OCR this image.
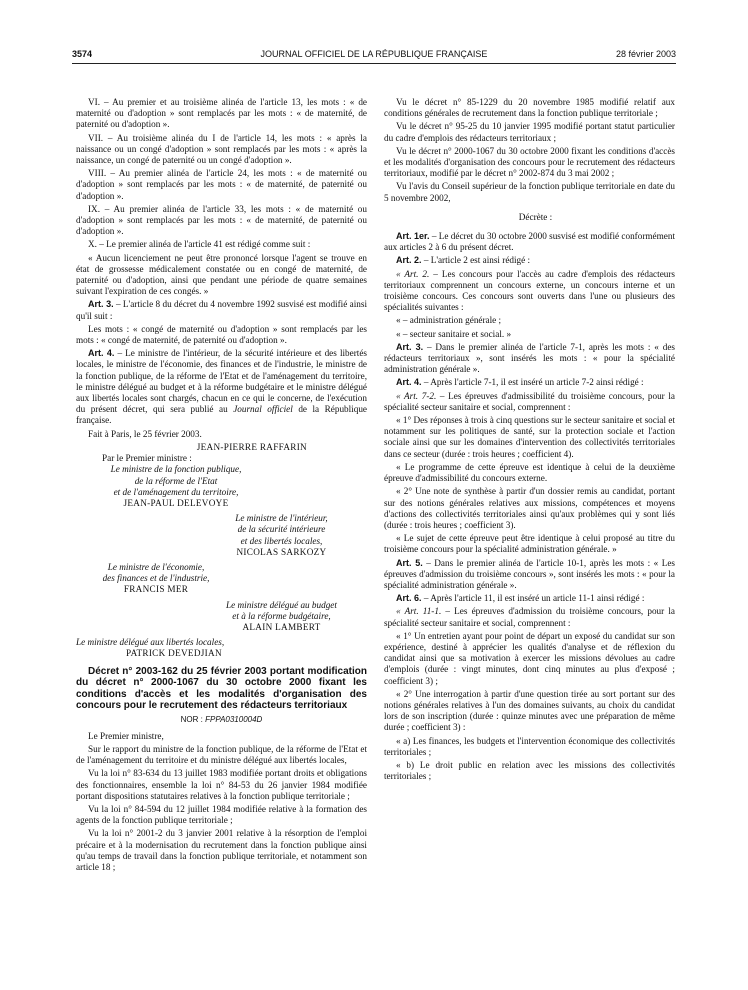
3574	JOURNAL OFFICIEL DE LA RÉPUBLIQUE FRANÇAISE	28 février 2003

VI. – Au premier et au troisième alinéa de l'article 13, les mots : « de maternité ou d'adoption » sont remplacés par les mots : « de maternité, de paternité ou d'adoption ».

VII. – Au troisième alinéa du I de l'article 14, les mots : « après la naissance ou un congé d'adoption » sont remplacés par les mots : « après la naissance, un congé de paternité ou un congé d'adoption ».

VIII. – Au premier alinéa de l'article 24, les mots : « de maternité ou d'adoption » sont remplacés par les mots : « de maternité, de paternité ou d'adoption ».

IX. – Au premier alinéa de l'article 33, les mots : « de maternité ou d'adoption » sont remplacés par les mots : « de maternité, de paternité ou d'adoption ».

X. – Le premier alinéa de l'article 41 est rédigé comme suit :

« Aucun licenciement ne peut être prononcé lorsque l'agent se trouve en état de grossesse médicalement constatée ou en congé de maternité, de paternité ou d'adoption, ainsi que pendant une période de quatre semaines suivant l'expiration de ces congés. »

Art. 3. – L'article 8 du décret du 4 novembre 1992 susvisé est modifié ainsi qu'il suit :

Les mots : « congé de maternité ou d'adoption » sont remplacés par les mots : « congé de maternité, de paternité ou d'adoption ».

Art. 4. – Le ministre de l'intérieur, de la sécurité intérieure et des libertés locales, le ministre de l'économie, des finances et de l'industrie, le ministre de la fonction publique, de la réforme de l'Etat et de l'aménagement du territoire, le ministre délégué au budget et à la réforme budgétaire et le ministre délégué aux libertés locales sont chargés, chacun en ce qui le concerne, de l'exécution du présent décret, qui sera publié au Journal officiel de la République française.

Fait à Paris, le 25 février 2003.

JEAN-PIERRE RAFFARIN
Par le Premier ministre :
Le ministre de la fonction publique,
de la réforme de l'Etat
et de l'aménagement du territoire,
JEAN-PAUL DELEVOYE
Le ministre de l'intérieur,
de la sécurité intérieure
et des libertés locales,
NICOLAS SARKOZY
Le ministre de l'économie,
des finances et de l'industrie,
FRANCIS MER
Le ministre délégué au budget
et à la réforme budgétaire,
ALAIN LAMBERT
Le ministre délégué aux libertés locales,
PATRICK DEVEDJIAN

Décret n° 2003-162 du 25 février 2003 portant modification du décret n° 2000-1067 du 30 octobre 2000 fixant les conditions d'accès et les modalités d'organisation des concours pour le recrutement des rédacteurs territoriaux

NOR : FPPA0310004D

Le Premier ministre,

Sur le rapport du ministre de la fonction publique, de la réforme de l'Etat et de l'aménagement du territoire et du ministre délégué aux libertés locales,

Vu la loi n° 83-634 du 13 juillet 1983 modifiée portant droits et obligations des fonctionnaires, ensemble la loi n° 84-53 du 26 janvier 1984 modifiée portant dispositions statutaires relatives à la fonction publique territoriale ;

Vu la loi n° 84-594 du 12 juillet 1984 modifiée relative à la formation des agents de la fonction publique territoriale ;

Vu la loi n° 2001-2 du 3 janvier 2001 relative à la résorption de l'emploi précaire et à la modernisation du recrutement dans la fonction publique ainsi qu'au temps de travail dans la fonction publique territoriale, et notamment son article 18 ;

Vu le décret n° 85-1229 du 20 novembre 1985 modifié relatif aux conditions générales de recrutement dans la fonction publique territoriale ;

Vu le décret n° 95-25 du 10 janvier 1995 modifié portant statut particulier du cadre d'emplois des rédacteurs territoriaux ;

Vu le décret n° 2000-1067 du 30 octobre 2000 fixant les conditions d'accès et les modalités d'organisation des concours pour le recrutement des rédacteurs territoriaux, modifié par le décret n° 2002-874 du 3 mai 2002 ;

Vu l'avis du Conseil supérieur de la fonction publique territoriale en date du 5 novembre 2002,

Décrète :

Art. 1er. – Le décret du 30 octobre 2000 susvisé est modifié conformément aux articles 2 à 6 du présent décret.

Art. 2. – L'article 2 est ainsi rédigé :

« Art. 2. – Les concours pour l'accès au cadre d'emplois des rédacteurs territoriaux comprennent un concours externe, un concours interne et un troisième concours. Ces concours sont ouverts dans l'une ou plusieurs des spécialités suivantes :

« – administration générale ;

« – secteur sanitaire et social. »

Art. 3. – Dans le premier alinéa de l'article 7-1, après les mots : « des rédacteurs territoriaux », sont insérés les mots : « pour la spécialité administration générale ».

Art. 4. – Après l'article 7-1, il est inséré un article 7-2 ainsi rédigé :

« Art. 7-2. – Les épreuves d'admissibilité du troisième concours, pour la spécialité secteur sanitaire et social, comprennent :

« 1° Des réponses à trois à cinq questions sur le secteur sanitaire et social et notamment sur les politiques de santé, sur la protection sociale et l'action sociale ainsi que sur les domaines d'intervention des collectivités territoriales dans ce secteur (durée : trois heures ; coefficient 4).

« Le programme de cette épreuve est identique à celui de la deuxième épreuve d'admissibilité du concours externe.

« 2° Une note de synthèse à partir d'un dossier remis au candidat, portant sur des notions générales relatives aux missions, compétences et moyens d'actions des collectivités territoriales ainsi qu'aux problèmes qui y sont liés (durée : trois heures ; coefficient 3).

« Le sujet de cette épreuve peut être identique à celui proposé au titre du troisième concours pour la spécialité administration générale. »

Art. 5. – Dans le premier alinéa de l'article 10-1, après les mots : « Les épreuves d'admission du troisième concours », sont insérés les mots : « pour la spécialité administration générale ».

Art. 6. – Après l'article 11, il est inséré un article 11-1 ainsi rédigé :

« Art. 11-1. – Les épreuves d'admission du troisième concours, pour la spécialité secteur sanitaire et social, comprennent :

« 1° Un entretien ayant pour point de départ un exposé du candidat sur son expérience, destiné à apprécier les qualités d'analyse et de réflexion du candidat ainsi que sa motivation à exercer les missions dévolues au cadre d'emplois (durée : vingt minutes, dont cinq minutes au plus d'exposé ; coefficient 3) ;

« 2° Une interrogation à partir d'une question tirée au sort portant sur des notions générales relatives à l'un des domaines suivants, au choix du candidat lors de son inscription (durée : quinze minutes avec une préparation de même durée ; coefficient 3) :

« a) Les finances, les budgets et l'intervention économique des collectivités territoriales ;

« b) Le droit public en relation avec les missions des collectivités territoriales ;
